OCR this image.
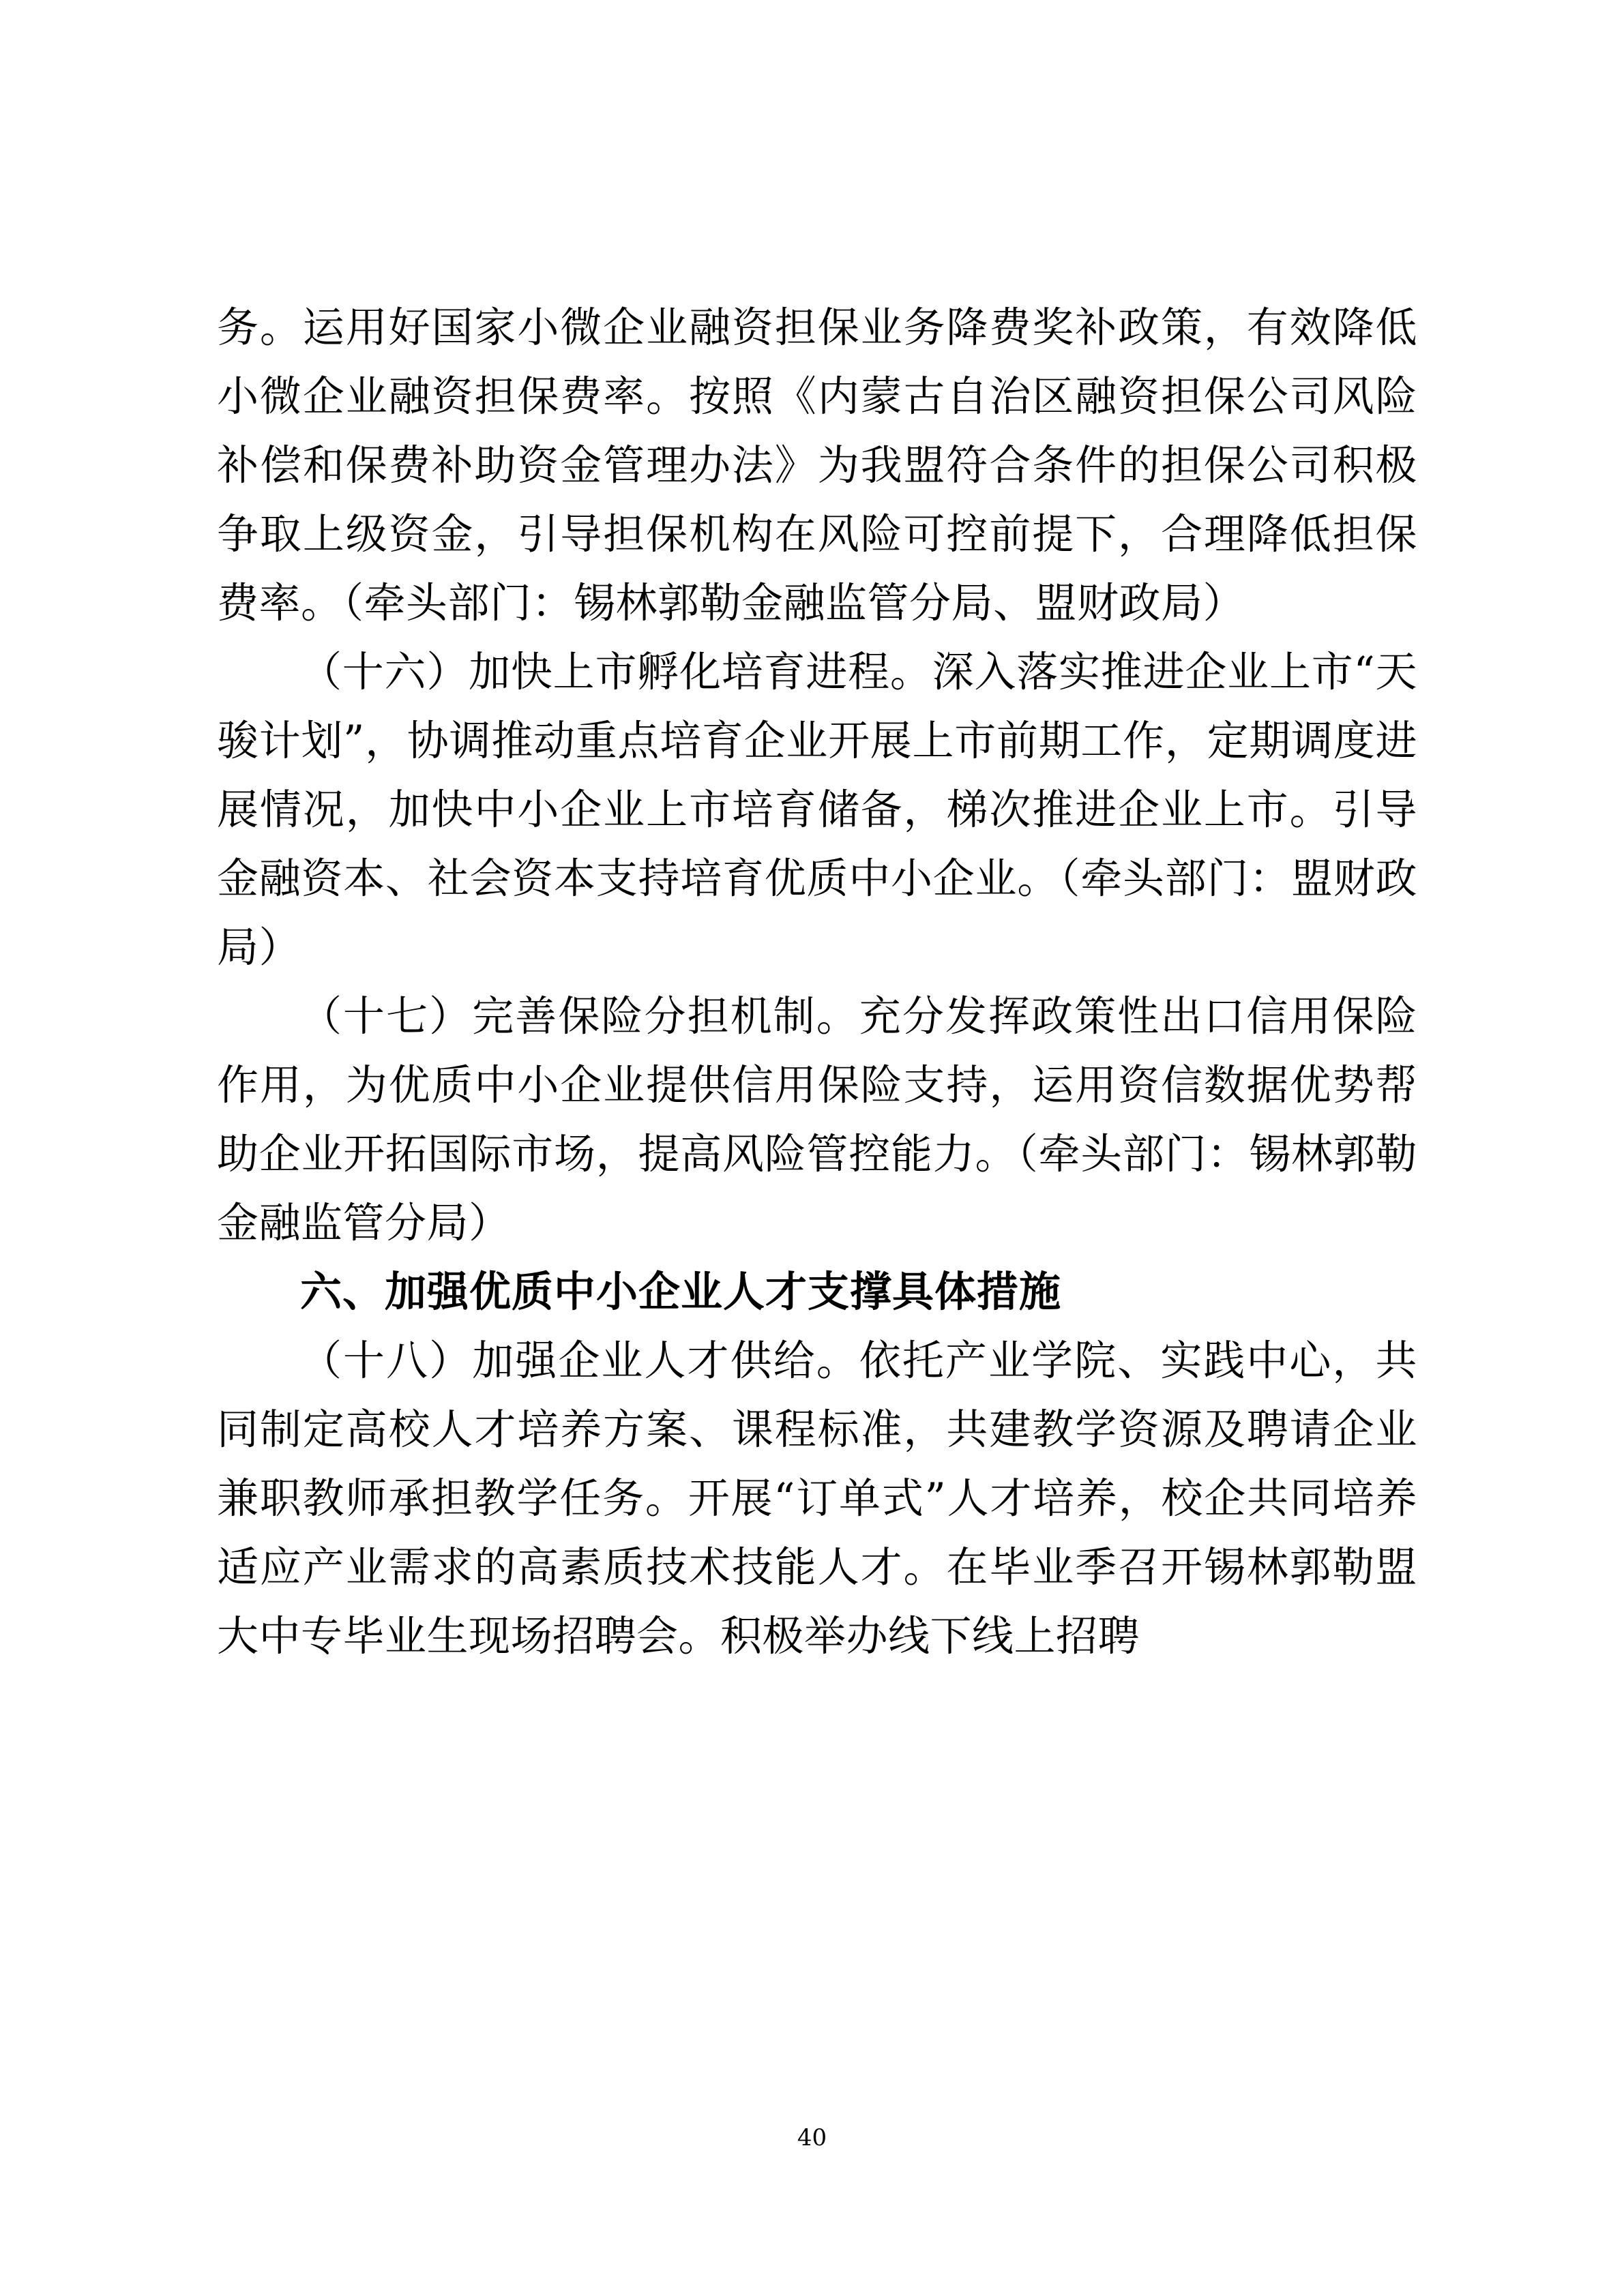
务。运用好国家小微企业融资担保业务降费奖补政策，有效降低小微企业融资担保费率。按照《内蒙古自治区融资担保公司风险补偿和保费补助资金管理办法》为我盟符合条件的担保公司积极争取上级资金，引导担保机构在风险可控前提下，合理降低担保费率。（牵头部门：锡林郭勒金融监管分局、盟财政局）

（十六）加快上市孵化培育进程。深入落实推进企业上市“天骏计划”，协调推动重点培育企业开展上市前期工作，定期调度进展情况，加快中小企业上市培育储备，梯次推进企业上市。引导金融资本、社会资本支持培育优质中小企业。（牵头部门：盟财政局）

（十七）完善保险分担机制。充分发挥政策性出口信用保险作用，为优质中小企业提供信用保险支持，运用资信数据优势帮助企业开拓国际市场，提高风险管控能力。（牵头部门：锡林郭勒金融监管分局）

六、加强优质中小企业人才支撑具体措施

（十八）加强企业人才供给。依托产业学院、实践中心，共同制定高校人才培养方案、课程标准，共建教学资源及聘请企业兼职教师承担教学任务。开展“订单式”人才培养，校企共同培养适应产业需求的高素质技术技能人才。在毕业季召开锡林郭勒盟大中专毕业生现场招聘会。积极举办线下线上招聘

40
